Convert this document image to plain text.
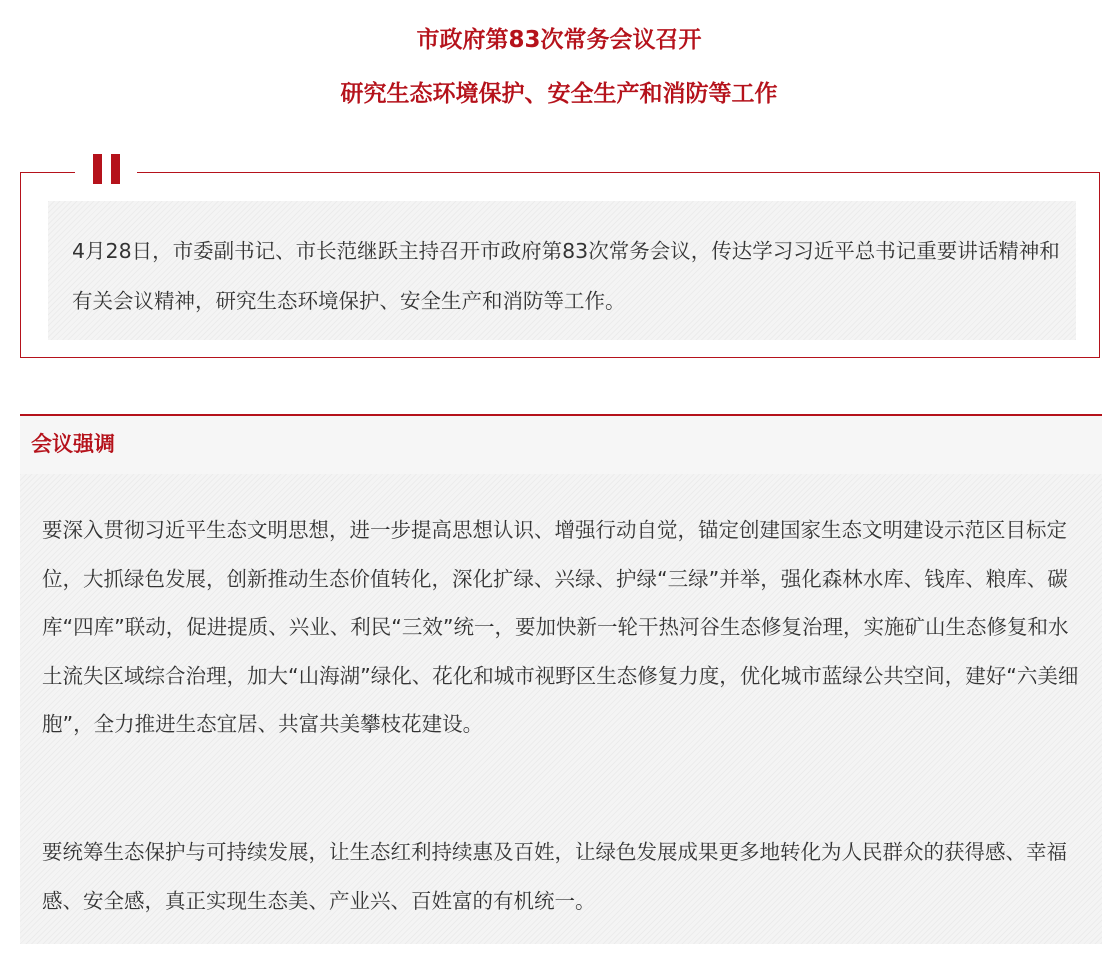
市政府第83次常务会议召开
研究生态环境保护、安全生产和消防等工作

4月28日，市委副书记、市长范继跃主持召开市政府第83次常务会议，传达学习习近平总书记重要讲话精神和有关会议精神，研究生态环境保护、安全生产和消防等工作。

会议强调

要深入贯彻习近平生态文明思想，进一步提高思想认识、增强行动自觉，锚定创建国家生态文明建设示范区目标定位，大抓绿色发展，创新推动生态价值转化，深化扩绿、兴绿、护绿“三绿”并举，强化森林水库、钱库、粮库、碳库“四库”联动，促进提质、兴业、利民“三效”统一，要加快新一轮干热河谷生态修复治理，实施矿山生态修复和水土流失区域综合治理，加大“山海湖”绿化、花化和城市视野区生态修复力度，优化城市蓝绿公共空间，建好“六美细胞”，全力推进生态宜居、共富共美攀枝花建设。

要统筹生态保护与可持续发展，让生态红利持续惠及百姓，让绿色发展成果更多地转化为人民群众的获得感、幸福感、安全感，真正实现生态美、产业兴、百姓富的有机统一。
